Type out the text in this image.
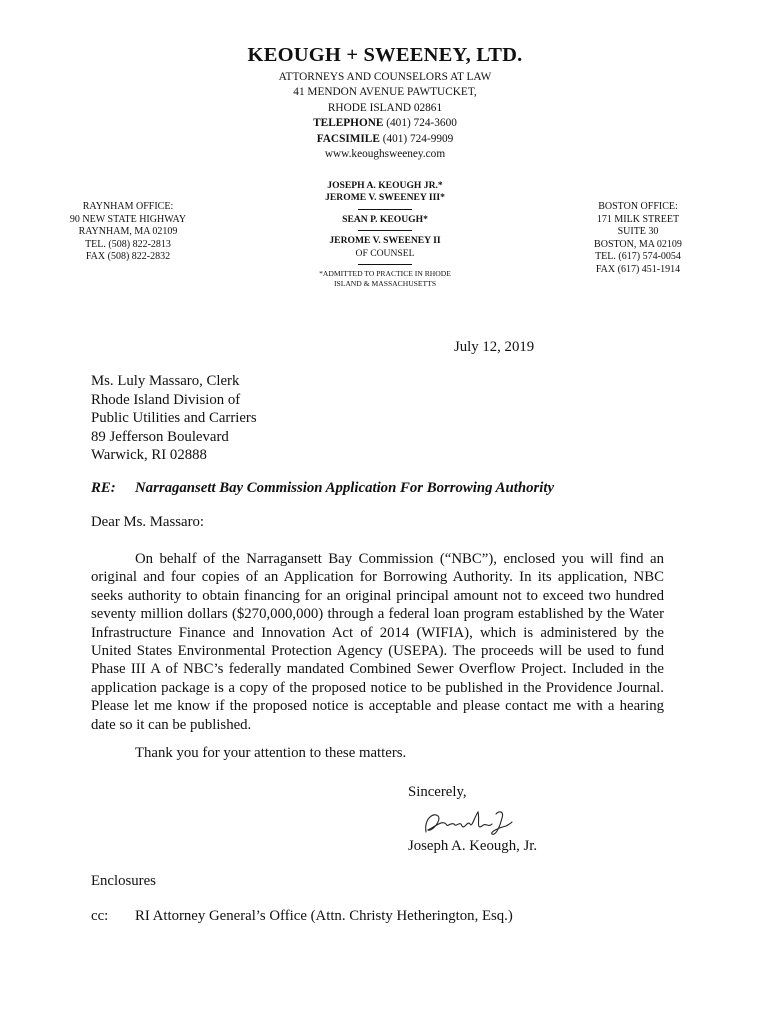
KEOUGH + SWEENEY, LTD.
ATTORNEYS AND COUNSELORS AT LAW
41 MENDON AVENUE PAWTUCKET,
RHODE ISLAND 02861
TELEPHONE (401) 724-3600
FACSIMILE (401) 724-9909
www.keoughsweeney.com
RAYNHAM OFFICE:
90 NEW STATE HIGHWAY
RAYNHAM, MA 02109
TEL. (508) 822-2813
FAX (508) 822-2832
JOSEPH A. KEOUGH JR.*
JEROME V. SWEENEY III*
SEAN P. KEOUGH*
JEROME V. SWEENEY II
OF COUNSEL
*ADMITTED TO PRACTICE IN RHODE
ISLAND & MASSACHUSETTS
BOSTON OFFICE:
171 MILK STREET
SUITE 30
BOSTON, MA 02109
TEL. (617) 574-0054
FAX (617) 451-1914
July 12, 2019
Ms. Luly Massaro, Clerk
Rhode Island Division of
Public Utilities and Carriers
89 Jefferson Boulevard
Warwick, RI 02888
RE: Narragansett Bay Commission Application For Borrowing Authority
Dear Ms. Massaro:
On behalf of the Narragansett Bay Commission (“NBC”), enclosed you will find an original and four copies of an Application for Borrowing Authority. In its application, NBC seeks authority to obtain financing for an original principal amount not to exceed two hundred seventy million dollars ($270,000,000) through a federal loan program established by the Water Infrastructure Finance and Innovation Act of 2014 (WIFIA), which is administered by the United States Environmental Protection Agency (USEPA). The proceeds will be used to fund Phase III A of NBC’s federally mandated Combined Sewer Overflow Project. Included in the application package is a copy of the proposed notice to be published in the Providence Journal. Please let me know if the proposed notice is acceptable and please contact me with a hearing date so it can be published.
Thank you for your attention to these matters.
Sincerely,
Joseph A. Keough, Jr.
Enclosures
cc: RI Attorney General’s Office (Attn. Christy Hetherington, Esq.)
